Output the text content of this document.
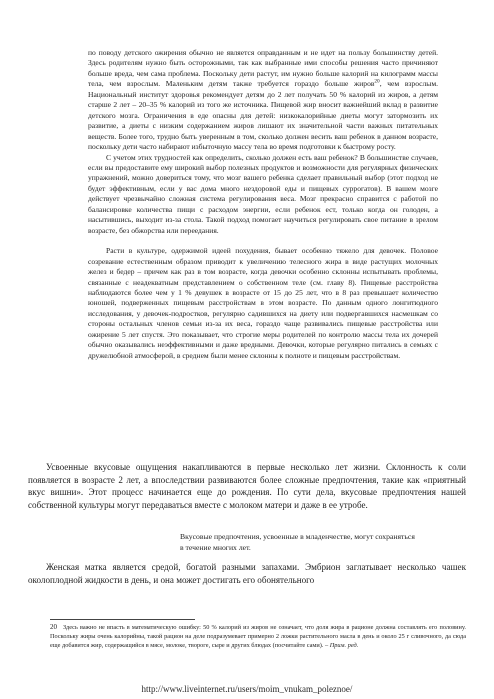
по поводу детского ожирения обычно не является оправданным и не идет на пользу большинству детей. Здесь родителям нужно быть осторожными, так как выбранные ими способы решения часто причиняют больше вреда, чем сама проблема. Поскольку дети растут, им нужно больше калорий на килограмм массы тела, чем взрослым. Маленьким детям также требуется гораздо больше жиров$^{20}$, чем взрослым. Национальный институт здоровья рекомендует детям до 2 лет получать 50 % калорий из жиров, а детям старше 2 лет – 20–35 % калорий из того же источника. Пищевой жир вносит важнейший вклад в развитие детского мозга. Ограничения в еде опасны для детей: низкокалорийные диеты могут затормозить их развитие, а диеты с низким содержанием жиров лишают их значительной части важных питательных веществ. Более того, трудно быть уверенным в том, сколько должен весить ваш ребенок в данном возрасте, поскольку дети часто набирают избыточную массу тела во время подготовки к быстрому росту.

С учетом этих трудностей как определить, сколько должен есть ваш ребенок? В большинстве случаев, если вы предоставите ему широкий выбор полезных продуктов и возможности для регулярных физических упражнений, можно довериться тому, что мозг вашего ребенка сделает правильный выбор (этот подход не будет эффективным, если у вас дома много нездоровой еды и пищевых суррогатов). В вашем мозге действует чрезвычайно сложная система регулирования веса. Мозг прекрасно справится с работой по балансировке количества пищи с расходом энергии, если ребенок ест, только когда он голоден, а насытившись, выходит из-за стола. Такой подход помогает научиться регулировать свое питание в зрелом возрасте, без обжорства или переедания.

Расти в культуре, одержимой идеей похудения, бывает особенно тяжело для девочек. Половое созревание естественным образом приводит к увеличению телесного жира в виде растущих молочных желез и бедер – причем как раз в том возрасте, когда девочки особенно склонны испытывать проблемы, связанные с неадекватным представлением о собственном теле (см. главу 8). Пищевые расстройства наблюдаются более чем у 1 % девушек в возрасте от 15 до 25 лет, что в 8 раз превышает количество юношей, подверженных пищевым расстройствам в этом возрасте. По данным одного лонгитюдного исследования, у девочек-подростков, регулярно садившихся на диету или подвергавшихся насмешкам со стороны остальных членов семьи из-за их веса, гораздо чаще развивались пищевые расстройства или ожирение 5 лет спустя. Это показывает, что строгие меры родителей по контролю массы тела их дочерей обычно оказывались неэффективными и даже вредными. Девочки, которые регулярно питались в семьях с дружелюбной атмосферой, в среднем были менее склонны к полноте и пищевым расстройствам.

Усвоенные вкусовые ощущения накапливаются в первые несколько лет жизни. Склонность к соли появляется в возрасте 2 лет, а впоследствии развиваются более сложные предпочтения, такие как «приятный вкус вишни». Этот процесс начинается еще до рождения. По сути дела, вкусовые предпочтения нашей собственной культуры могут передаваться вместе с молоком матери и даже в ее утробе.

Вкусовые предпочтения, усвоенные в младенчестве, могут сохраняться в течение многих лет.

Женская матка является средой, богатой разными запахами. Эмбрион заглатывает несколько чашек околоплодной жидкости в день, и она может достигать его обонятельного

20 Здесь важно не впасть в математическую ошибку: 50 % калорий из жиров не означает, что доля жира в рационе должна составлять его половину. Поскольку жиры очень калорийны, такой рацион на деле подразумевает примерно 2 ложки растительного масла в день и около 25 г сливочного, да сюда еще добавится жир, содержащийся в мясе, молоке, твороге, сыре и других блюдах (посчитайте сами). – Прим. ред.

http://www.liveinternet.ru/users/moim_vnukam_poleznoe/
